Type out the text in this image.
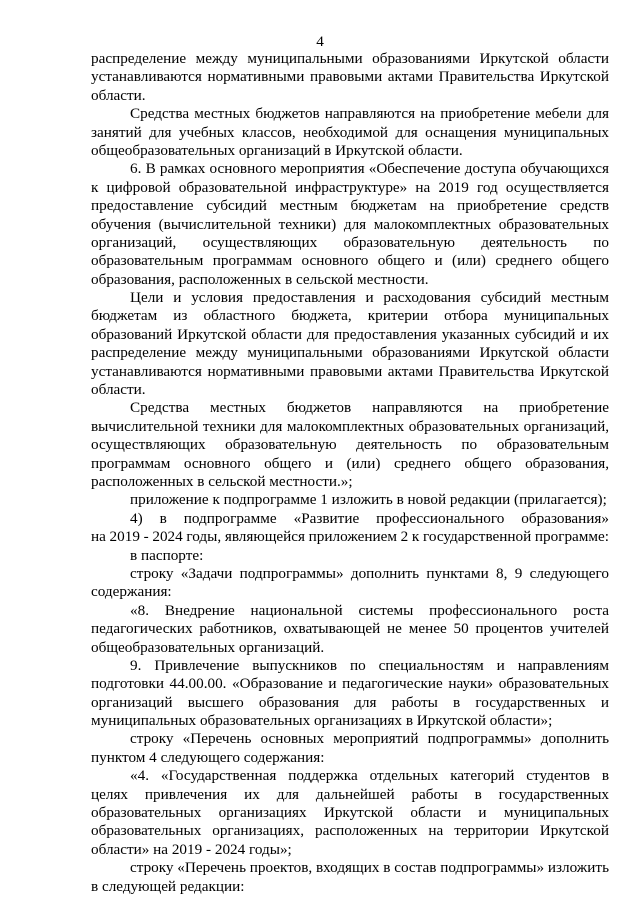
4
распределение между муниципальными образованиями Иркутской области
устанавливаются нормативными правовыми актами Правительства Иркутской
области.
Средства местных бюджетов направляются на приобретение мебели для
занятий для учебных классов, необходимой для оснащения муниципальных
общеобразовательных организаций в Иркутской области.
6. В рамках основного мероприятия «Обеспечение доступа обучающихся
к цифровой образовательной инфраструктуре» на 2019 год осуществляется
предоставление субсидий местным бюджетам на приобретение средств
обучения (вычислительной техники) для малокомплектных образовательных
организаций, осуществляющих образовательную деятельность по
образовательным программам основного общего и (или) среднего общего
образования, расположенных в сельской местности.
Цели и условия предоставления и расходования субсидий местным
бюджетам из областного бюджета, критерии отбора муниципальных
образований Иркутской области для предоставления указанных субсидий и их
распределение между муниципальными образованиями Иркутской области
устанавливаются нормативными правовыми актами Правительства Иркутской
области.
Средства местных бюджетов направляются на приобретение
вычислительной техники для малокомплектных образовательных организаций,
осуществляющих образовательную деятельность по образовательным
программам основного общего и (или) среднего общего образования,
расположенных в сельской местности.»;
приложение к подпрограмме 1 изложить в новой редакции (прилагается);
4) в подпрограмме «Развитие профессионального образования»
на 2019 - 2024 годы, являющейся приложением 2 к государственной программе:
в паспорте:
строку «Задачи подпрограммы» дополнить пунктами 8, 9 следующего
содержания:
«8. Внедрение национальной системы профессионального роста
педагогических работников, охватывающей не менее 50 процентов учителей
общеобразовательных организаций.
9. Привлечение выпускников по специальностям и направлениям
подготовки 44.00.00. «Образование и педагогические науки» образовательных
организаций высшего образования для работы в государственных и
муниципальных образовательных организациях в Иркутской области»;
строку «Перечень основных мероприятий подпрограммы» дополнить
пунктом 4 следующего содержания:
«4. «Государственная поддержка отдельных категорий студентов в
целях привлечения их для дальнейшей работы в государственных
образовательных организациях Иркутской области и муниципальных
образовательных организациях, расположенных на территории Иркутской
области» на 2019 - 2024 годы»;
строку «Перечень проектов, входящих в состав подпрограммы» изложить
в следующей редакции:
